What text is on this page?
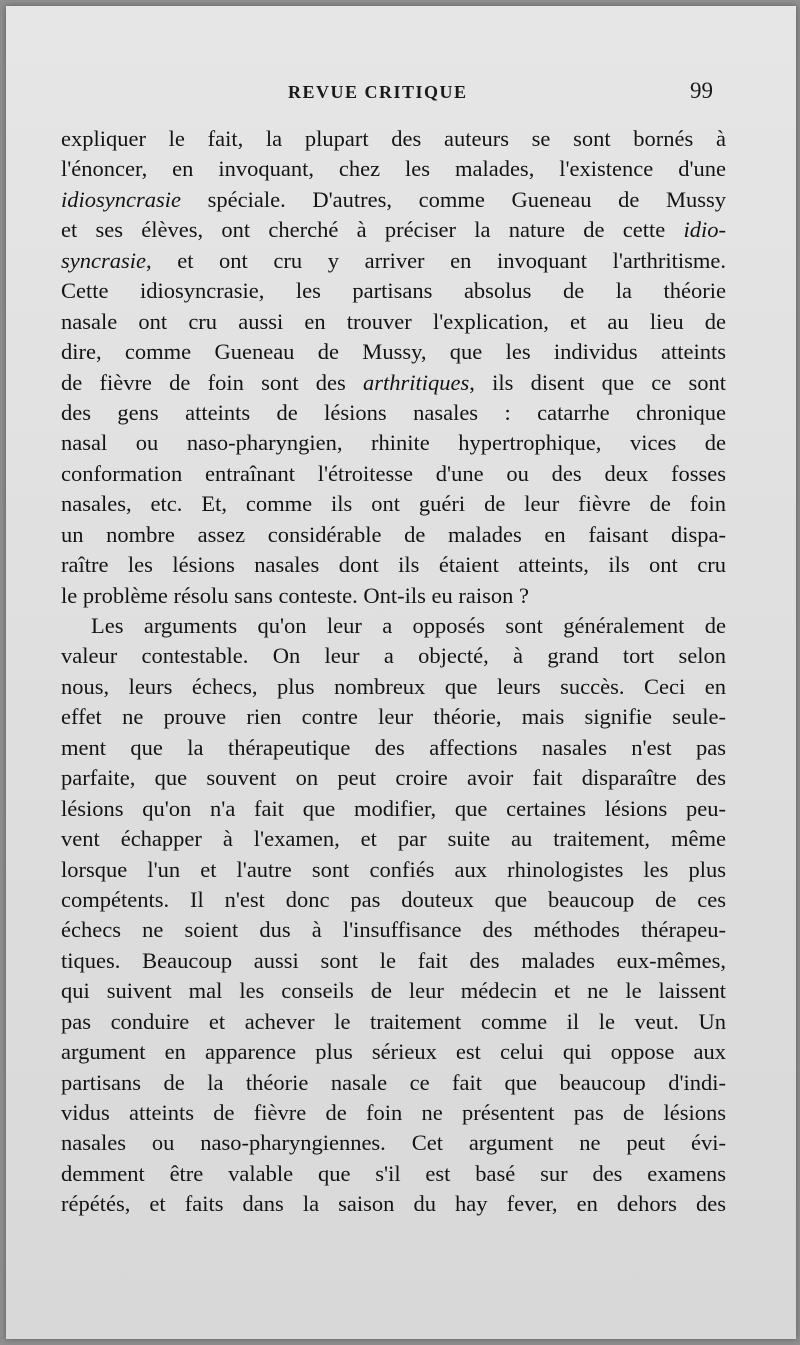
REVUE CRITIQUE	99
expliquer le fait, la plupart des auteurs se sont bornés à
l'énoncer, en invoquant, chez les malades, l'existence d'une
idiosyncrasie spéciale. D'autres, comme Gueneau de Mussy
et ses élèves, ont cherché à préciser la nature de cette idio-
syncrasie, et ont cru y arriver en invoquant l'arthritisme.
Cette idiosyncrasie, les partisans absolus de la théorie
nasale ont cru aussi en trouver l'explication, et au lieu de
dire, comme Gueneau de Mussy, que les individus atteints
de fièvre de foin sont des arthritiques, ils disent que ce sont
des gens atteints de lésions nasales : catarrhe chronique
nasal ou naso-pharyngien, rhinite hypertrophique, vices de
conformation entraînant l'étroitesse d'une ou des deux fosses
nasales, etc. Et, comme ils ont guéri de leur fièvre de foin
un nombre assez considérable de malades en faisant dispa-
raître les lésions nasales dont ils étaient atteints, ils ont cru
le problème résolu sans conteste. Ont-ils eu raison ?
Les arguments qu'on leur a opposés sont généralement de
valeur contestable. On leur a objecté, à grand tort selon
nous, leurs échecs, plus nombreux que leurs succès. Ceci en
effet ne prouve rien contre leur théorie, mais signifie seule-
ment que la thérapeutique des affections nasales n'est pas
parfaite, que souvent on peut croire avoir fait disparaître des
lésions qu'on n'a fait que modifier, que certaines lésions peu-
vent échapper à l'examen, et par suite au traitement, même
lorsque l'un et l'autre sont confiés aux rhinologistes les plus
compétents. Il n'est donc pas douteux que beaucoup de ces
échecs ne soient dus à l'insuffisance des méthodes thérapeu-
tiques. Beaucoup aussi sont le fait des malades eux-mêmes,
qui suivent mal les conseils de leur médecin et ne le laissent
pas conduire et achever le traitement comme il le veut. Un
argument en apparence plus sérieux est celui qui oppose aux
partisans de la théorie nasale ce fait que beaucoup d'indi-
vidus atteints de fièvre de foin ne présentent pas de lésions
nasales ou naso-pharyngiennes. Cet argument ne peut évi-
demment être valable que s'il est basé sur des examens
répétés, et faits dans la saison du hay fever, en dehors des
